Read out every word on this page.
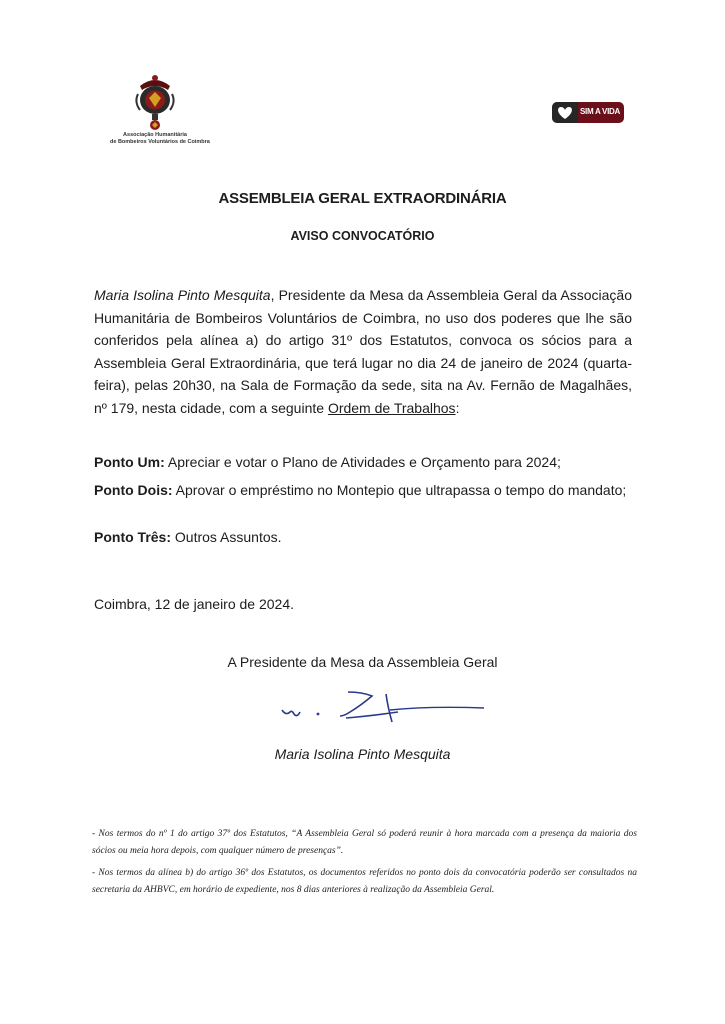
Associação Humanitária
de Bombeiros Voluntários de Coimbra
SIM A VIDA
ASSEMBLEIA GERAL EXTRAORDINÁRIA
AVISO CONVOCATÓRIO
Maria Isolina Pinto Mesquita, Presidente da Mesa da Assembleia Geral da Associação Humanitária de Bombeiros Voluntários de Coimbra, no uso dos poderes que lhe são conferidos pela alínea a) do artigo 31º dos Estatutos, convoca os sócios para a Assembleia Geral Extraordinária, que terá lugar no dia 24 de janeiro de 2024 (quarta-feira), pelas 20h30, na Sala de Formação da sede, sita na Av. Fernão de Magalhães, nº 179, nesta cidade, com a seguinte Ordem de Trabalhos:
Ponto Um: Apreciar e votar o Plano de Atividades e Orçamento para 2024;
Ponto Dois: Aprovar o empréstimo no Montepio que ultrapassa o tempo do mandato;
Ponto Três: Outros Assuntos.
Coimbra, 12 de janeiro de 2024.
A Presidente da Mesa da Assembleia Geral
Maria Isolina Pinto Mesquita
- Nos termos do nº 1 do artigo 37º dos Estatutos, “A Assembleia Geral só poderá reunir à hora marcada com a presença da maioria dos sócios ou meia hora depois, com qualquer número de presenças”.
- Nos termos da alínea b) do artigo 36º dos Estatutos, os documentos referidos no ponto dois da convocatória poderão ser consultados na secretaria da AHBVC, em horário de expediente, nos 8 dias anteriores à realização da Assembleia Geral.
